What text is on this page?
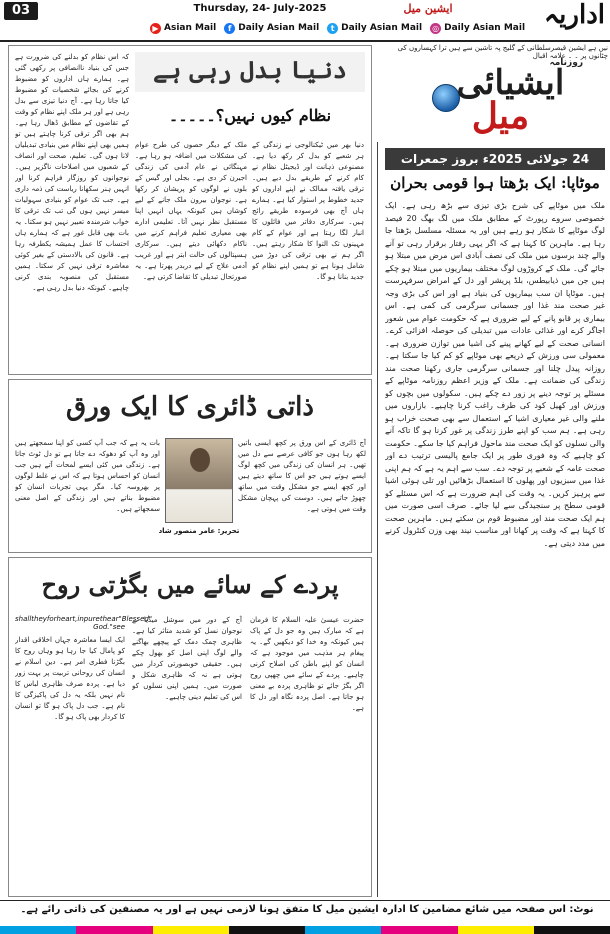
03	Thursday, 24- July-2025	ایشین میل	اداریہ
▶ Asian Mail	f Daily Asian Mail	t Daily Asian Mail ◎ Daily Asian Mail
نیں ہے ایشین قیصرسلطانی کے گلیج پہ تاشین سے ہیں ترا کہساروں کی چٹانوں پر ۔ ۔ علامہ اقبال
روزنامہ
ایشیائی
میل
24 جولائی 2025ء بروز جمعرات
موٹاپا: ایک بڑھتا ہوا قومی بحران
ملک میں موٹاپے کی شرح بڑی تیزی سے بڑھ رہی ہے۔ ایک خصوصی سروے رپورٹ کے مطابق ملک میں لگ بھگ 20 فیصد لوگ موٹاپے کا شکار ہو رہے ہیں اور یہ مسئلہ مسلسل بڑھتا جا رہا ہے۔ ماہرین کا کہنا ہے کہ اگر یہی رفتار برقرار رہی تو آنے والے چند برسوں میں ملک کی نصف آبادی اس مرض میں مبتلا ہو جائے گی۔ ملک کے کروڑوں لوگ مختلف بیماریوں میں مبتلا ہو چکے ہیں جن میں ذیابیطس، بلڈ پریشر اور دل کے امراض سرفہرست ہیں۔ موٹاپا ان سب بیماریوں کی بنیاد ہے اور اس کی بڑی وجہ غیر صحت مند غذا اور جسمانی سرگرمی کی کمی ہے۔ اس بیماری پر قابو پانے کے لیے ضروری ہے کہ حکومت عوام میں شعور اجاگر کرے اور غذائی عادات میں تبدیلی کی حوصلہ افزائی کرے۔ انسانی صحت کے لیے کھانے پینے کی اشیا میں توازن ضروری ہے۔ معمولی سی ورزش کے ذریعے بھی موٹاپے کو کم کیا جا سکتا ہے۔ روزانہ پیدل چلنا اور جسمانی سرگرمی جاری رکھنا صحت مند زندگی کی ضمانت ہے۔ ملک کے وزیر اعظم روزنامہ موٹاپے کے مسئلے پر توجہ دینے پر زور دے چکے ہیں۔ سکولوں میں بچوں کو ورزش اور کھیل کود کی طرف راغب کرنا چاہیے۔ بازاروں میں ملنے والی غیر معیاری اشیا کے استعمال سے بھی صحت خراب ہو رہی ہے۔ ہم سب کو اپنے طرز زندگی پر غور کرنا ہو گا تاکہ آنے والی نسلوں کو ایک صحت مند ماحول فراہم کیا جا سکے۔ حکومت کو چاہیے کہ وہ فوری طور پر ایک جامع پالیسی ترتیب دے اور صحت عامہ کے شعبے پر توجہ دے۔ سب سے اہم یہ ہے کہ ہم اپنی غذا میں سبزیوں اور پھلوں کا استعمال بڑھائیں اور تلی ہوئی اشیا سے پرہیز کریں۔ یہ وقت کی اہم ضرورت ہے کہ اس مسئلے کو قومی سطح پر سنجیدگی سے لیا جائے۔ صرف اسی صورت میں ہم ایک صحت مند اور مضبوط قوم بن سکتے ہیں۔ ماہرین صحت کا کہنا ہے کہ وقت پر کھانا اور مناسب نیند بھی وزن کنٹرول کرنے میں مدد دیتی ہے۔
دنیا بدل رہی ہے
نظام کیوں نہیں؟۔۔۔۔۔
کہ اس نظام کو بدلنے کی ضرورت ہے جس کی بنیاد ناانصافی پر رکھی گئی ہے۔ ہمارے ہاں اداروں کو مضبوط کرنے کی بجائے شخصیات کو مضبوط کیا جاتا رہا ہے۔ آج دنیا تیزی سے بدل رہی ہے اور ہر ملک اپنے نظام کو وقت کے تقاضوں کے مطابق ڈھال رہا ہے۔ ہم بھی اگر ترقی کرنا چاہتے ہیں تو ہمیں بھی اپنے نظام میں بنیادی تبدیلیاں لانا ہوں گی۔ تعلیم، صحت اور انصاف کے شعبوں میں اصلاحات ناگزیر ہیں۔ نوجوانوں کو روزگار فراہم کرنا اور انہیں ہنر سکھانا ریاست کی ذمہ داری ہے۔ جب تک عوام کو بنیادی سہولیات میسر نہیں ہوں گی تب تک ترقی کا خواب شرمندہ تعبیر نہیں ہو سکتا۔ یہ بات بھی قابل غور ہے کہ ہمارے ہاں احتساب کا عمل ہمیشہ یکطرفہ رہا ہے۔ قانون کی بالادستی کے بغیر کوئی معاشرہ ترقی نہیں کر سکتا۔ ہمیں مستقبل کی منصوبہ بندی کرنی چاہیے۔ کیونکہ دنیا بدل رہی ہے۔
ملک کے دیگر حصوں کی طرح عوام کی مشکلات میں اضافہ ہو رہا ہے۔ مہنگائی نے عام آدمی کی زندگی اجیرن کر دی ہے۔ بجلی اور گیس کے بلوں نے لوگوں کو پریشان کر رکھا ہے۔ نوجوان بیرون ملک جانے کے لیے کوشاں ہیں کیونکہ یہاں انہیں اپنا مستقبل نظر نہیں آتا۔ تعلیمی ادارے بھی معیاری تعلیم فراہم کرنے میں ناکام دکھائی دیتے ہیں۔ سرکاری ہسپتالوں کی حالت ابتر ہے اور غریب آدمی علاج کے لیے دربدر پھرتا ہے۔ یہ صورتحال تبدیلی کا تقاضا کرتی ہے۔
دنیا بھر میں ٹیکنالوجی نے زندگی کے ہر شعبے کو بدل کر رکھ دیا ہے۔ مصنوعی ذہانت اور ڈیجیٹل نظام نے کام کرنے کے طریقے بدل دیے ہیں۔ ترقی یافتہ ممالک نے اپنے اداروں کو جدید خطوط پر استوار کیا ہے۔ ہمارے ہاں آج بھی فرسودہ طریقے رائج ہیں۔ سرکاری دفاتر میں فائلوں کا انبار لگا رہتا ہے اور عوام کے کام مہینوں تک التوا کا شکار رہتے ہیں۔ اگر ہم نے بھی ترقی کی دوڑ میں شامل ہونا ہے تو ہمیں اپنے نظام کو جدید بنانا ہو گا۔
ذاتی ڈائری کا ایک ورق
تحریر: عامر منصور شاد
بات یہ ہے کہ جب آپ کسی کو اپنا سمجھتے ہیں اور وہ آپ کو دھوکہ دے جاتا ہے تو دل ٹوٹ جاتا ہے۔ زندگی میں کئی ایسے لمحات آتے ہیں جب انسان کو احساس ہوتا ہے کہ اس نے غلط لوگوں پر بھروسہ کیا۔ مگر یہی تجربات انسان کو مضبوط بناتے ہیں اور زندگی کے اصل معنی سمجھاتے ہیں۔
آج ڈائری کے اس ورق پر کچھ ایسی باتیں لکھ رہا ہوں جو کافی عرصے سے دل میں تھیں۔ ہر انسان کی زندگی میں کچھ لوگ ایسے ہوتے ہیں جو اس کا ساتھ دیتے ہیں اور کچھ ایسے جو مشکل وقت میں ساتھ چھوڑ جاتے ہیں۔ دوست کی پہچان مشکل وقت میں ہوتی ہے۔
پردے کے سائے میں بگڑتی روح
shalltheyforheart,inpurethear"Blessed"
God."see
ایک ایسا معاشرہ جہاں اخلاقی اقدار کو پامال کیا جا رہا ہو وہاں روح کا بگڑنا فطری امر ہے۔ دین اسلام نے انسان کی روحانی تربیت پر بہت زور دیا ہے۔ پردہ صرف ظاہری لباس کا نام نہیں بلکہ یہ دل کی پاکیزگی کا نام ہے۔ جب دل پاک ہو گا تو انسان کا کردار بھی پاک ہو گا۔
آج کے دور میں سوشل میڈیا نے نوجوان نسل کو شدید متاثر کیا ہے۔ ظاہری چمک دمک کے پیچھے بھاگنے والے لوگ اپنی اصل کو بھول چکے ہیں۔ حقیقی خوبصورتی کردار میں ہوتی ہے نہ کہ ظاہری شکل و صورت میں۔ ہمیں اپنی نسلوں کو اس کی تعلیم دینی چاہیے۔
حضرت عیسیٰ علیہ السلام کا فرمان ہے کہ مبارک ہیں وہ جو دل کے پاک ہیں کیونکہ وہ خدا کو دیکھیں گے۔ یہ پیغام ہر مذہب میں موجود ہے کہ انسان کو اپنے باطن کی اصلاح کرنی چاہیے۔ پردے کے سائے میں چھپی روح اگر بگڑ جائے تو ظاہری پردہ بے معنی ہو جاتا ہے۔ اصل پردہ نگاہ اور دل کا ہے۔
نوٹ: اس صفحہ میں شائع مضامین کا ادارہ ایشین میل کا متفق ہونا لازمی نہیں ہے اور یہ مصنفین کی ذاتی رائے ہے۔
